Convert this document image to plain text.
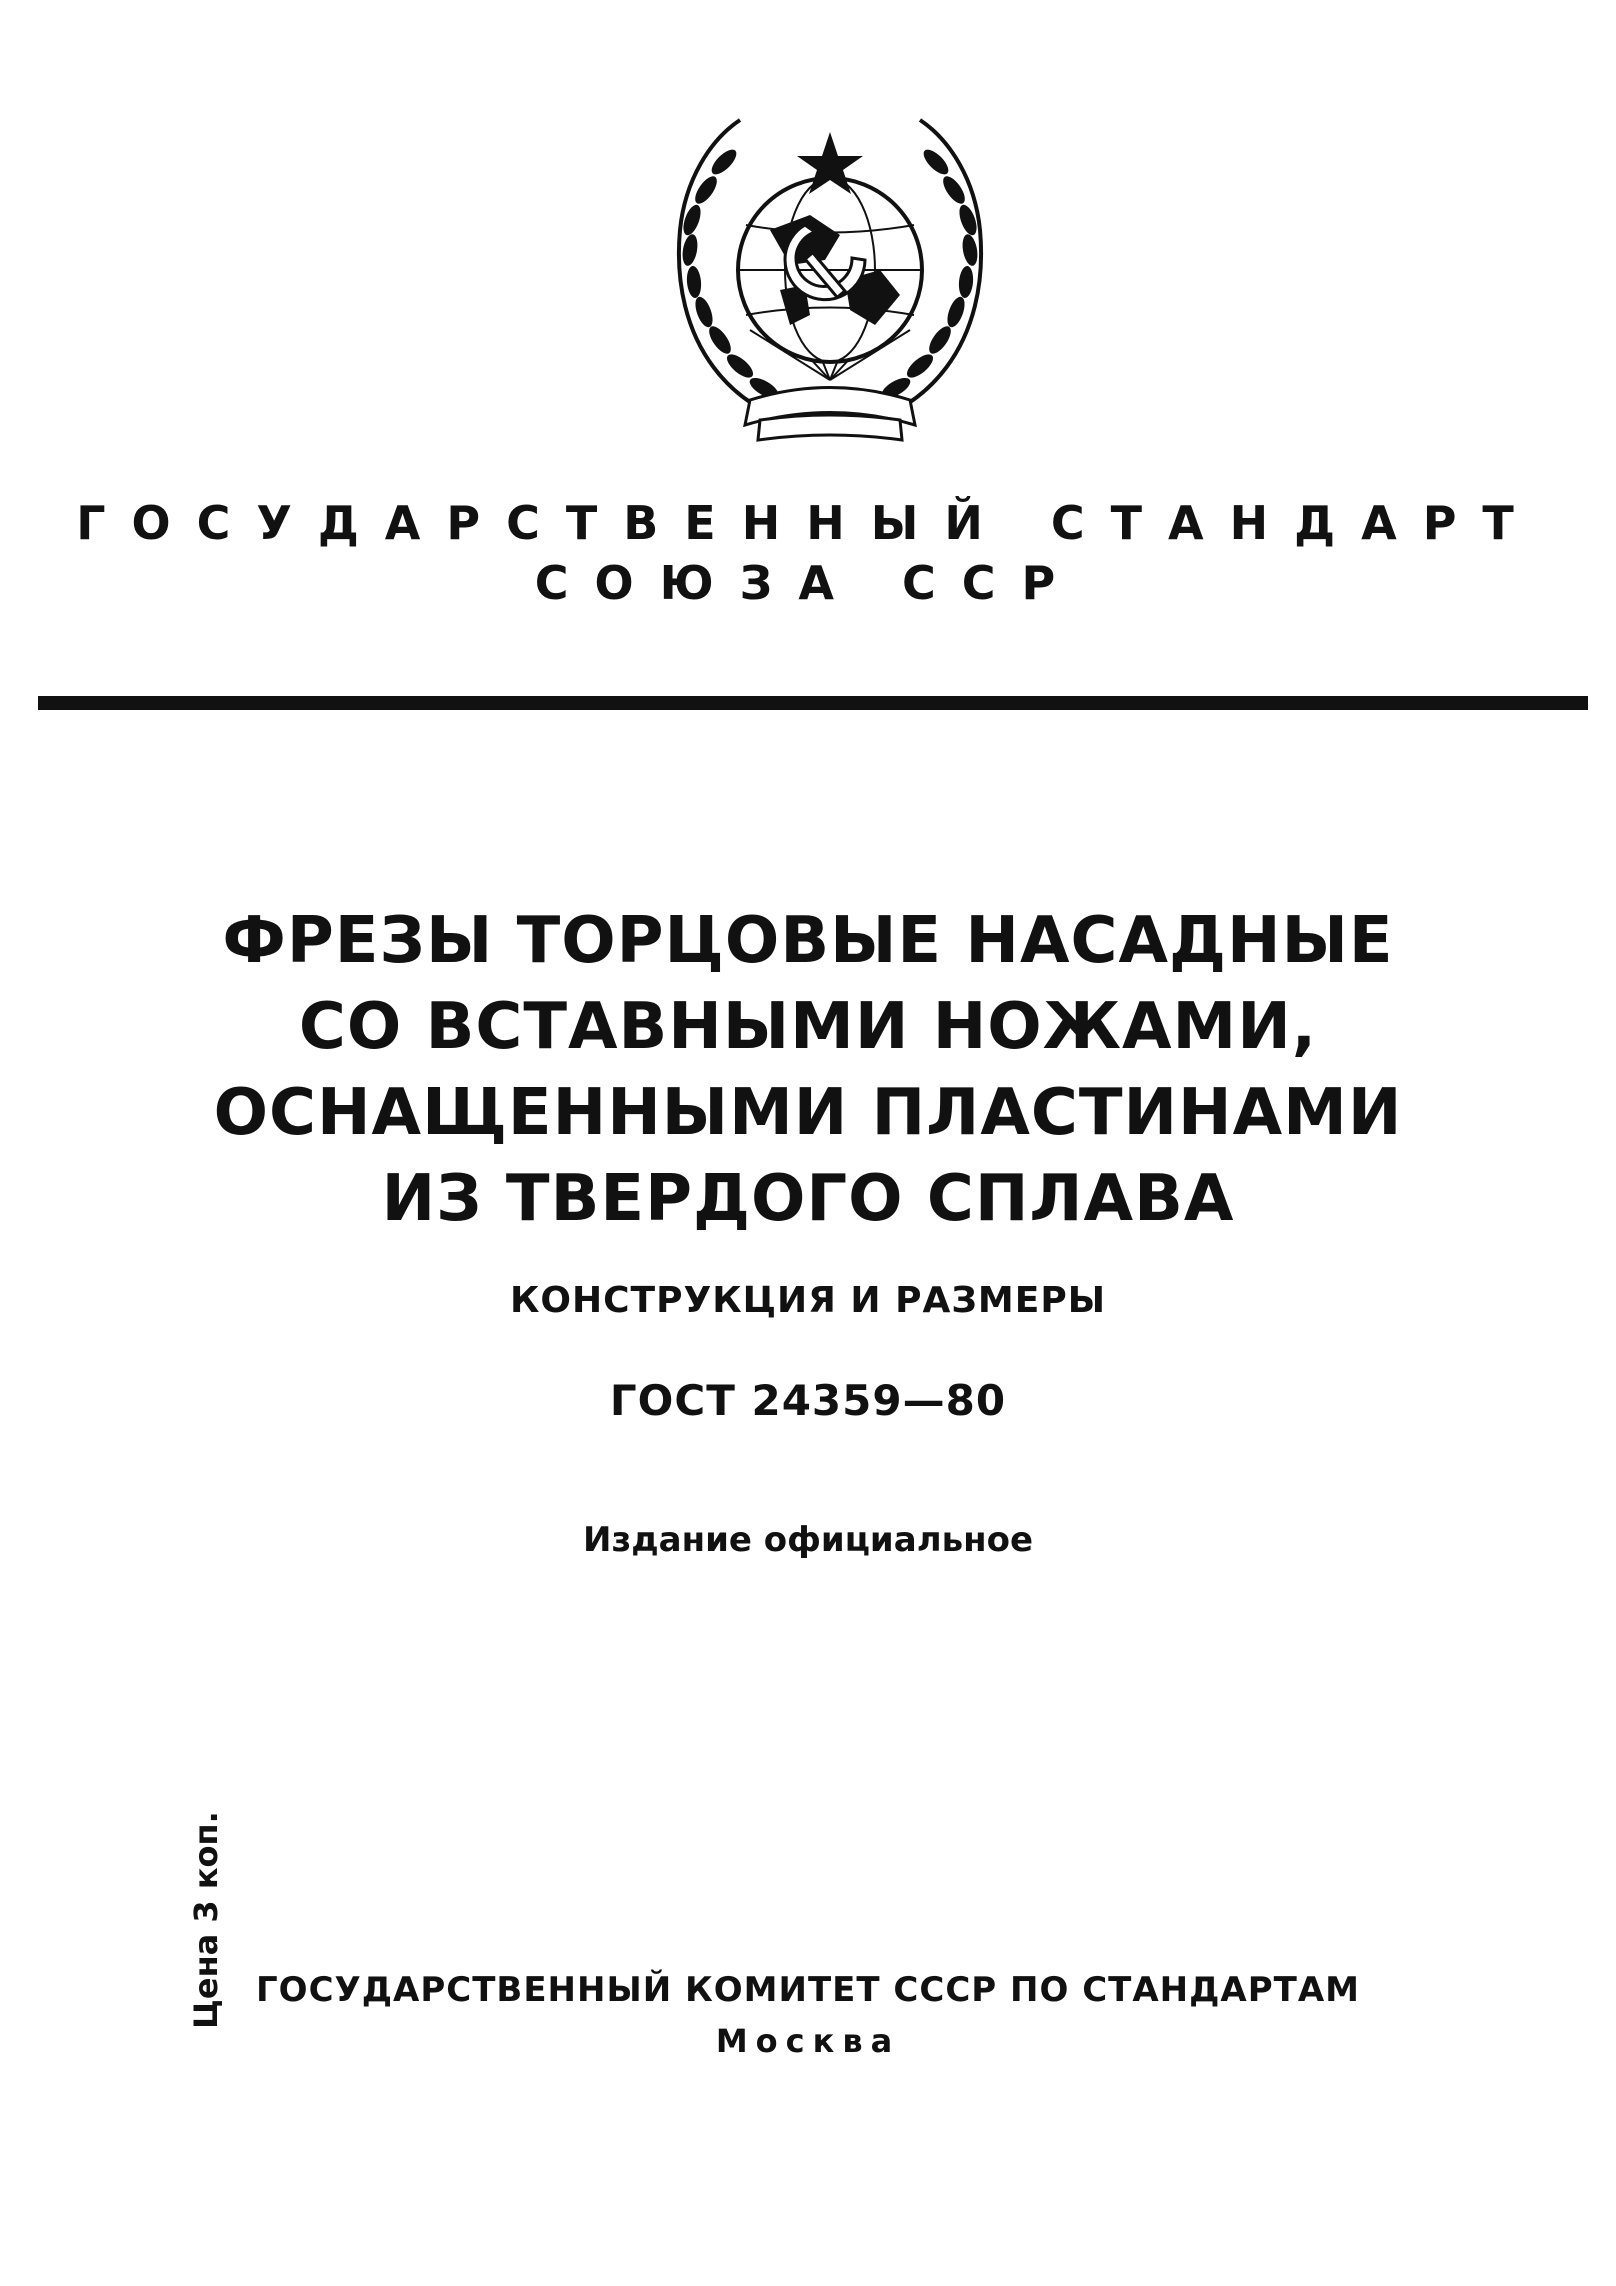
ГОСУДАРСТВЕННЫЙ СТАНДАРТ
СОЮЗА ССР
ФРЕЗЫ ТОРЦОВЫЕ НАСАДНЫЕ
СО ВСТАВНЫМИ НОЖАМИ,
ОСНАЩЕННЫМИ ПЛАСТИНАМИ
ИЗ ТВЕРДОГО СПЛАВА
КОНСТРУКЦИЯ И РАЗМЕРЫ
ГОСТ 24359—80
Издание официальное
Цена 3 коп. ГОСУДАРСТВЕННЫЙ КОМИТЕТ СССР ПО СТАНДАРТАМ
Москва
